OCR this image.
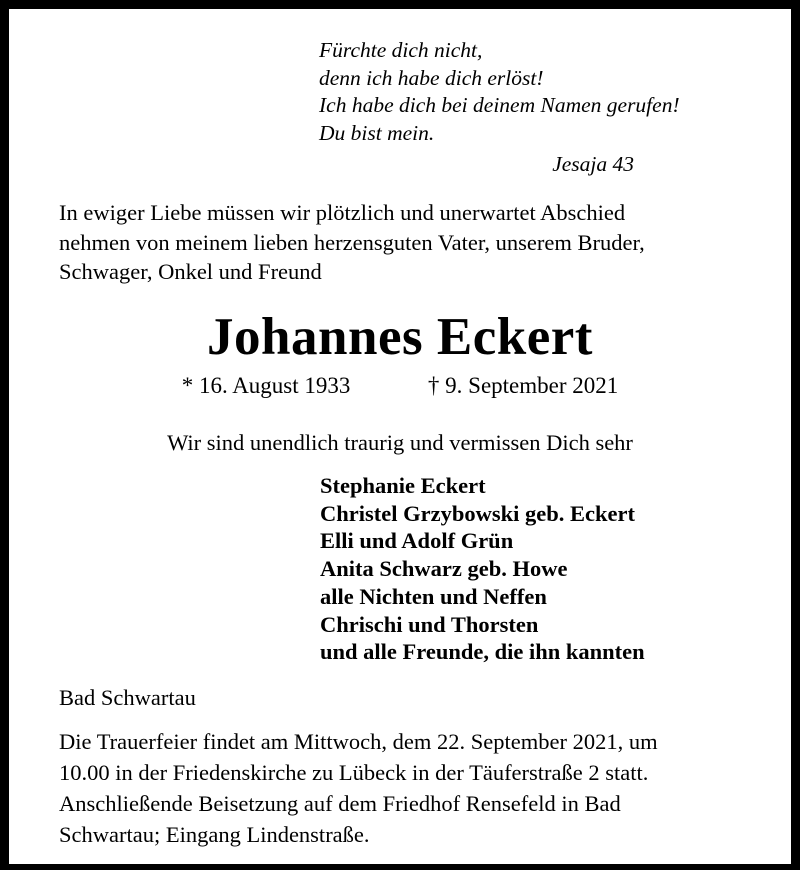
Fürchte dich nicht,
denn ich habe dich erlöst!
Ich habe dich bei deinem Namen gerufen!
Du bist mein.
Jesaja 43
In ewiger Liebe müssen wir plötzlich und unerwartet Abschied
nehmen von meinem lieben herzensguten Vater, unserem Bruder,
Schwager, Onkel und Freund
Johannes Eckert
* 16. August 1933	† 9. September 2021
Wir sind unendlich traurig und vermissen Dich sehr
Stephanie Eckert
Christel Grzybowski geb. Eckert
Elli und Adolf Grün
Anita Schwarz geb. Howe
alle Nichten und Neffen
Chrischi und Thorsten
und alle Freunde, die ihn kannten
Bad Schwartau
Die Trauerfeier findet am Mittwoch, dem 22. September 2021, um
10.00 in der Friedenskirche zu Lübeck in der Täuferstraße 2 statt.
Anschließende Beisetzung auf dem Friedhof Rensefeld in Bad
Schwartau; Eingang Lindenstraße.
